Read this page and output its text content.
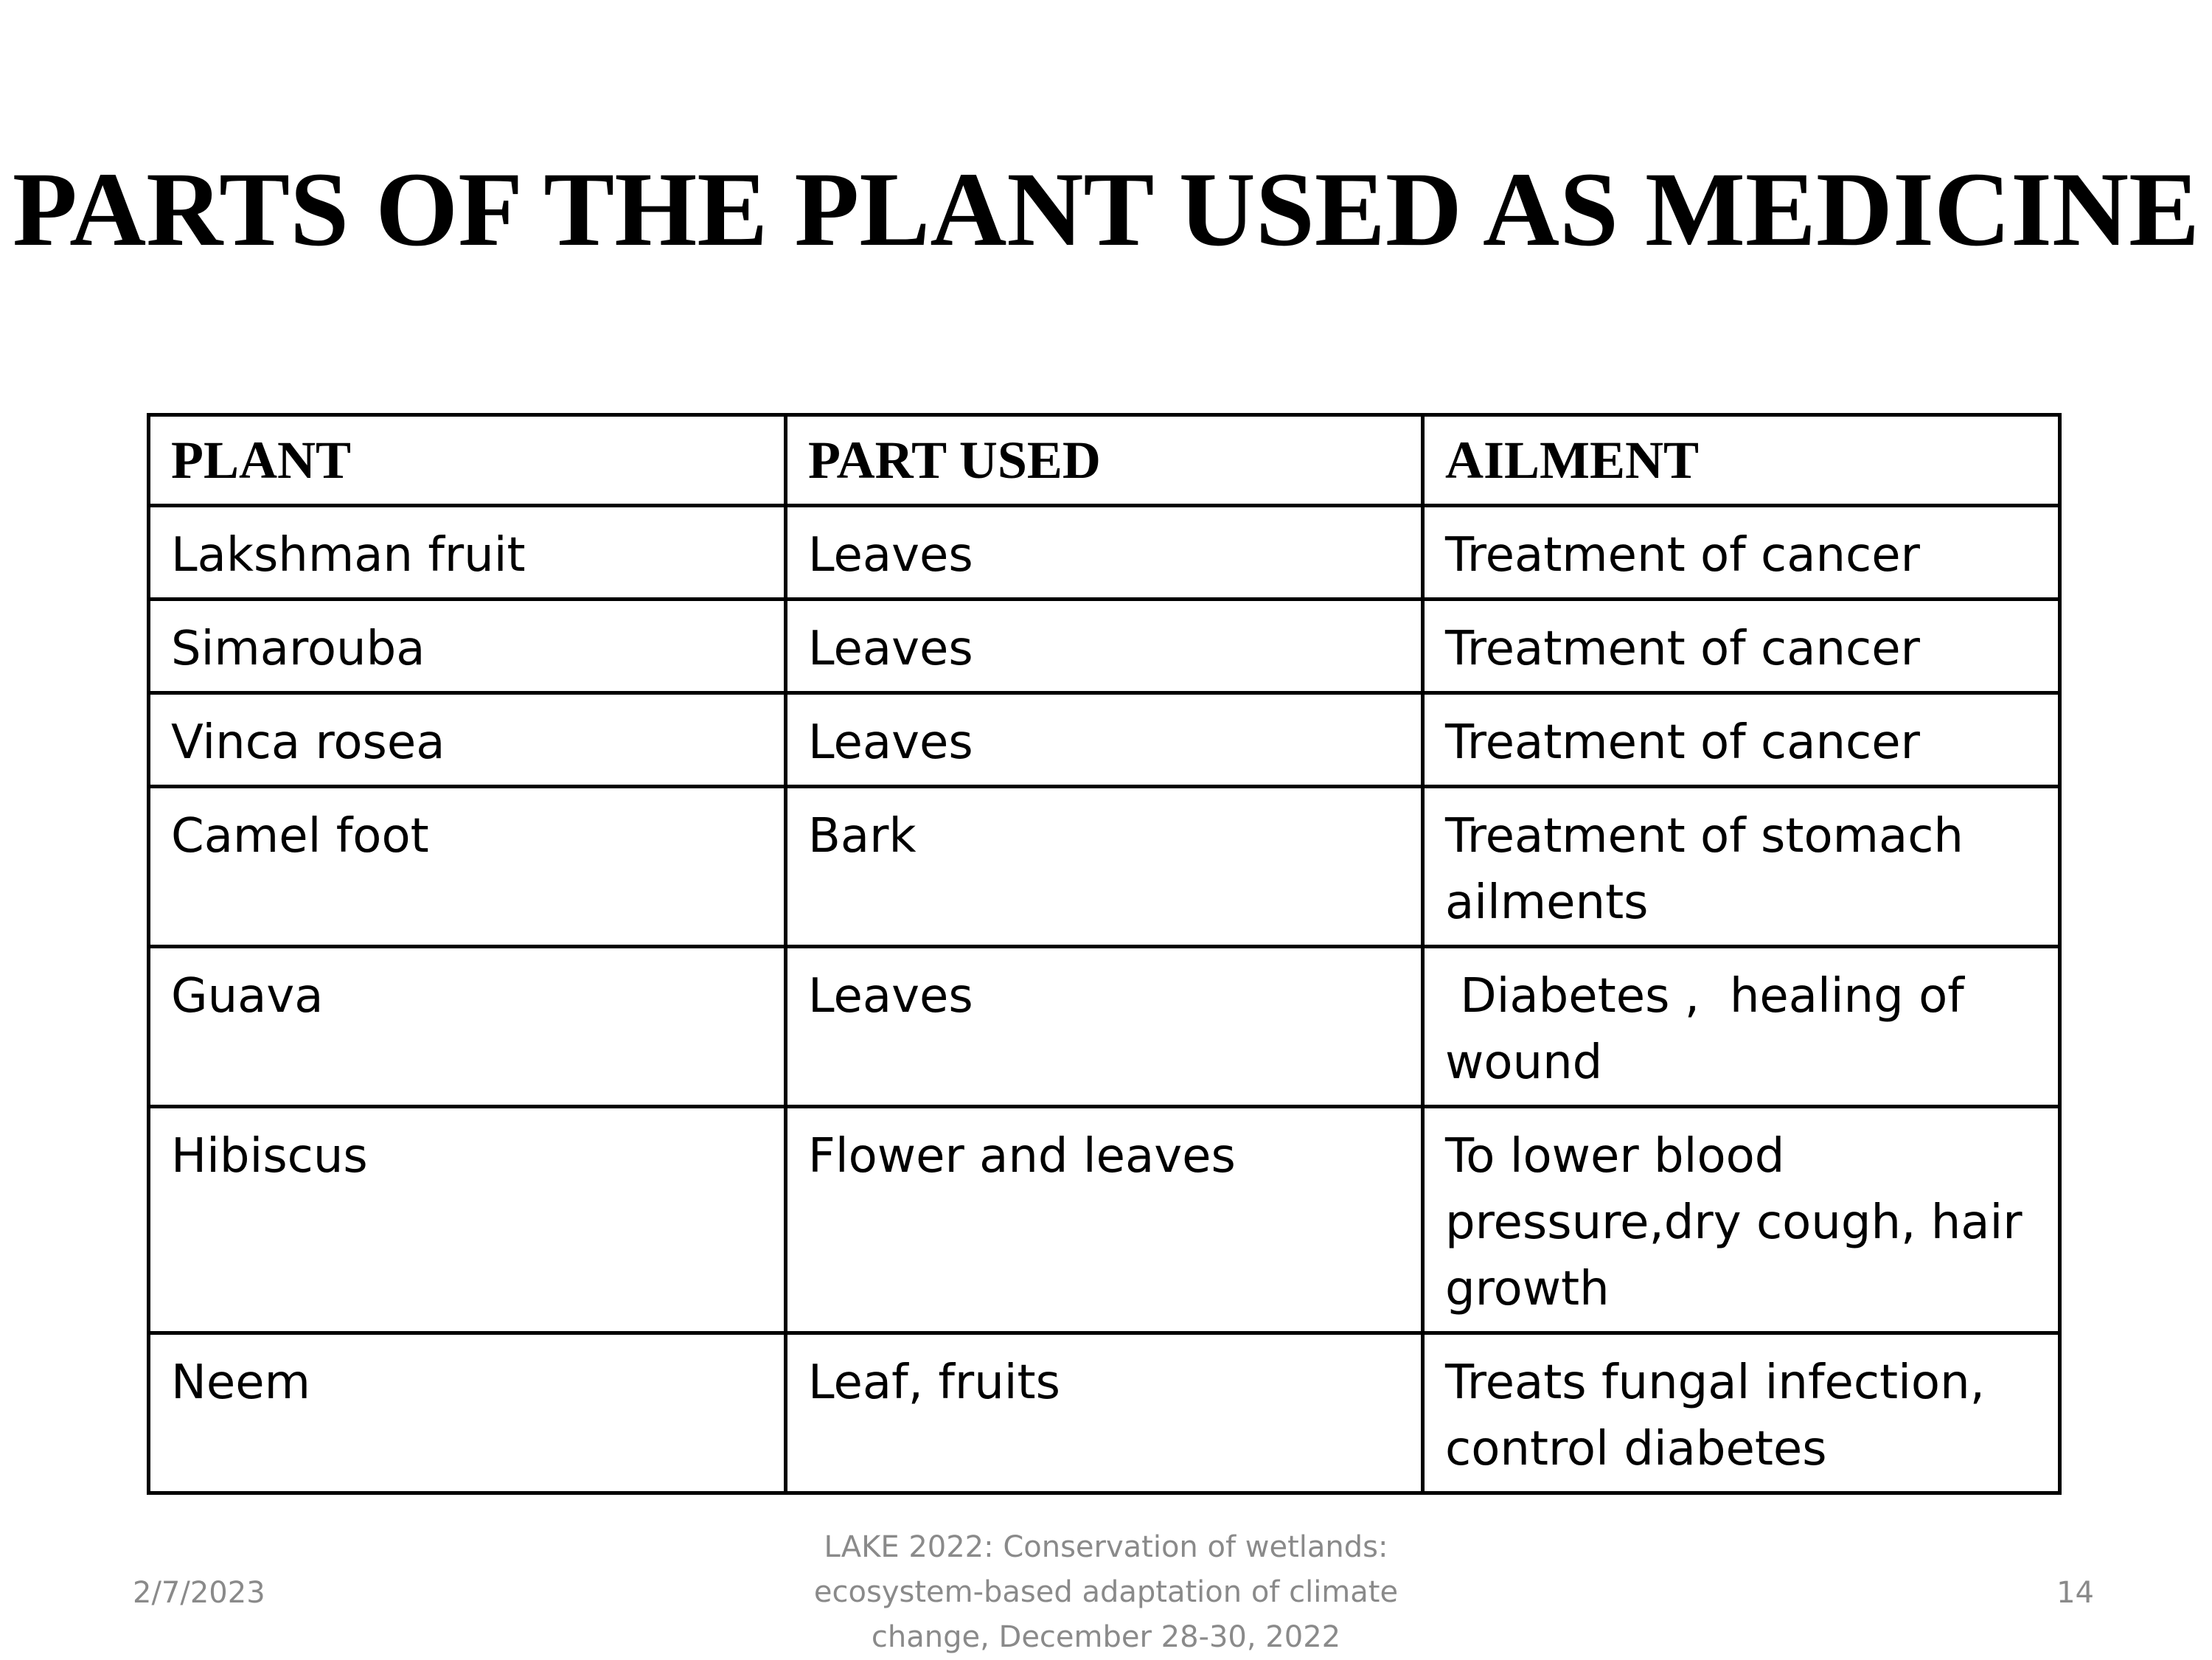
PARTS OF THE PLANT USED AS MEDICINE
PLANT	PART USED	AILMENT
Lakshman fruit	Leaves	Treatment of cancer
Simarouba	Leaves	Treatment of cancer
Vinca rosea	Leaves	Treatment of cancer
Camel foot	Bark	Treatment of stomach ailments
Guava	Leaves	Diabetes ,  healing of wound
Hibiscus	Flower and leaves	To lower blood pressure,dry cough, hair growth
Neem	Leaf, fruits	Treats fungal infection, control diabetes
2/7/2023
LAKE 2022: Conservation of wetlands:
ecosystem-based adaptation of climate
change, December 28-30, 2022
14
